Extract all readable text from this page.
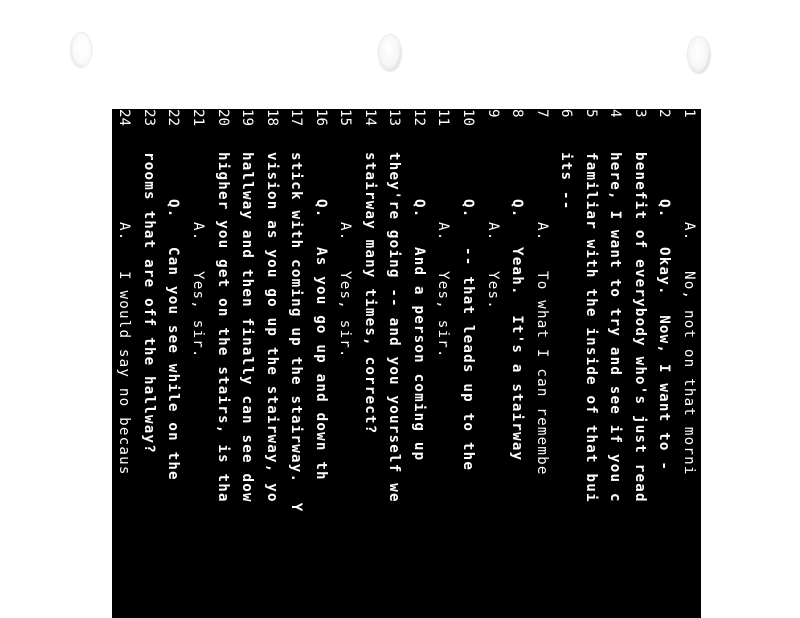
1
A.
No, not on that morni
2
Q.
Okay.  Now, I want to -
3
benefit of everybody who's just read
4
here, I want to try and see if you c
5
familiar with the inside of that bui
6
its --
7
A.
To what I can remembe
8
Q.
Yeah.  It's a stairway
9
A.
Yes.
10
Q.
-- that leads up to the
11
A.
Yes, sir.
12
Q.
And a person coming up
13
they're going -- and you yourself we
14
stairway many times, correct?
15
A.
Yes, sir.
16
Q.
As you go up and down th
17
stick with coming up the stairway.  Y
18
vision as you go up the stairway, yo
19
hallway and then finally can see dow
20
higher you get on the stairs, is tha
21
A.
Yes, sir.
22
Q.
Can you see while on the
23
rooms that are off the hallway?
24
A.
I would say no becaus
